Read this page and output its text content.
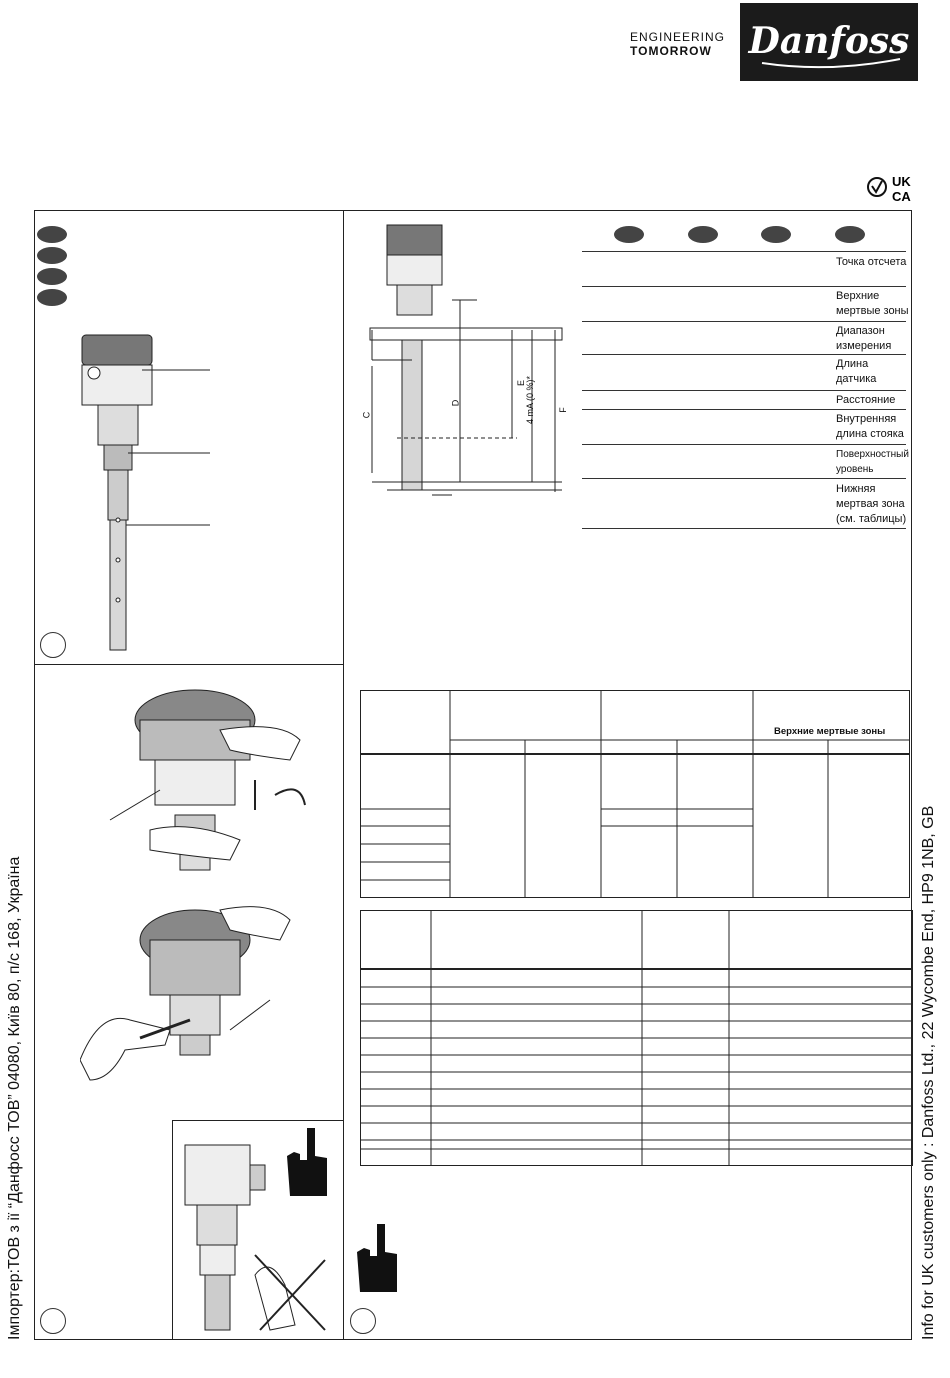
ENGINEERING
TOMORROW	Danfoss
UK
CA
Імпортер:ТОВ з ії “Данфосс ТОВ” 04080, Київ 80, п/с 168, Україна	Info for UK customers only : Danfoss Ltd., 22 Wycombe End, HP9 1NB, GB
C
D
E 4 mA (0 %)*	F
Точка отсчета
Верхние мертвые зоны
Диапазон измерения
Длина датчика
Расстояние
Внутренняя длина стояка
Поверхностный уровень
Нижняя мертвая зона (см. таблицы)
Верхние мертвые зоны
